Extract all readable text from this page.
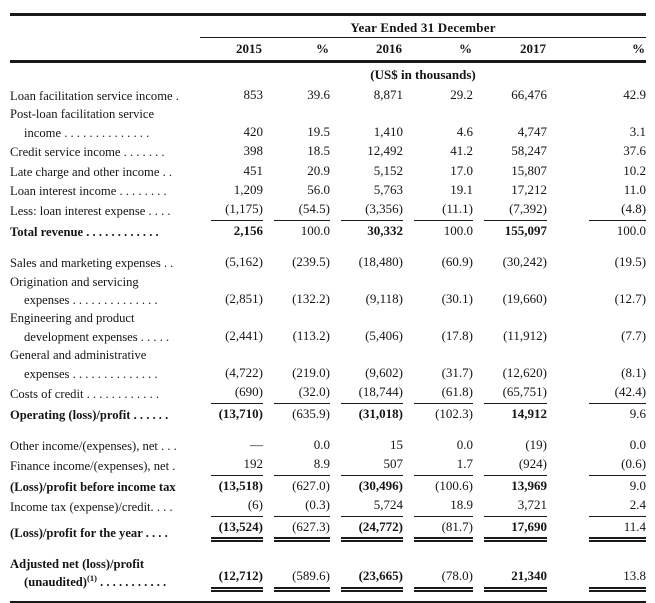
	Year Ended 31 December					
	2015	%	2016	%	2017	%
	(US$ in thousands)					

Loan facilitation service income .	853	39.6	8,871	29.2	66,476	42.9

Post-loan facilitation service
income . . . . . . . . . . . . . .	420	19.5	1,410	4.6	4,747	3.1

Credit service income . . . . . . .	398	18.5	12,492	41.2	58,247	37.6

Late charge and other income . .	451	20.9	5,152	17.0	15,807	10.2

Loan interest income . . . . . . . .	1,209	56.0	5,763	19.1	17,212	11.0

Less: loan interest expense . . . .	(1,175)	(54.5)	(3,356)	(11.1)	(7,392)	(4.8)

Total revenue . . . . . . . . . . . .	2,156	100.0	30,332	100.0	155,097	100.0

Sales and marketing expenses . .	(5,162)	(239.5)	(18,480)	(60.9)	(30,242)	(19.5)

Origination and servicing
expenses . . . . . . . . . . . . . .	(2,851)	(132.2)	(9,118)	(30.1)	(19,660)	(12.7)

Engineering and product
development expenses . . . . .	(2,441)	(113.2)	(5,406)	(17.8)	(11,912)	(7.7)

General and administrative
expenses . . . . . . . . . . . . . .	(4,722)	(219.0)	(9,602)	(31.7)	(12,620)	(8.1)

Costs of credit . . . . . . . . . . . .	(690)	(32.0)	(18,744)	(61.8)	(65,751)	(42.4)

Operating (loss)/profit . . . . . .	(13,710)	(635.9)	(31,018)	(102.3)	14,912	9.6

Other income/(expenses), net . . .	—	0.0	15	0.0	(19)	0.0

Finance income/(expenses), net .	192	8.9	507	1.7	(924)	(0.6)

(Loss)/profit before income tax	(13,518)	(627.0)	(30,496)	(100.6)	13,969	9.0

Income tax (expense)/credit. . . .	(6)	(0.3)	5,724	18.9	3,721	2.4

(Loss)/profit for the year . . . .	(13,524)	(627.3)	(24,772)	(81.7)	17,690	11.4

Adjusted net (loss)/profit
(unaudited)$^{(1)}$ . . . . . . . . . . .	(12,712)	(589.6)	(23,665)	(78.0)	21,340	13.8
